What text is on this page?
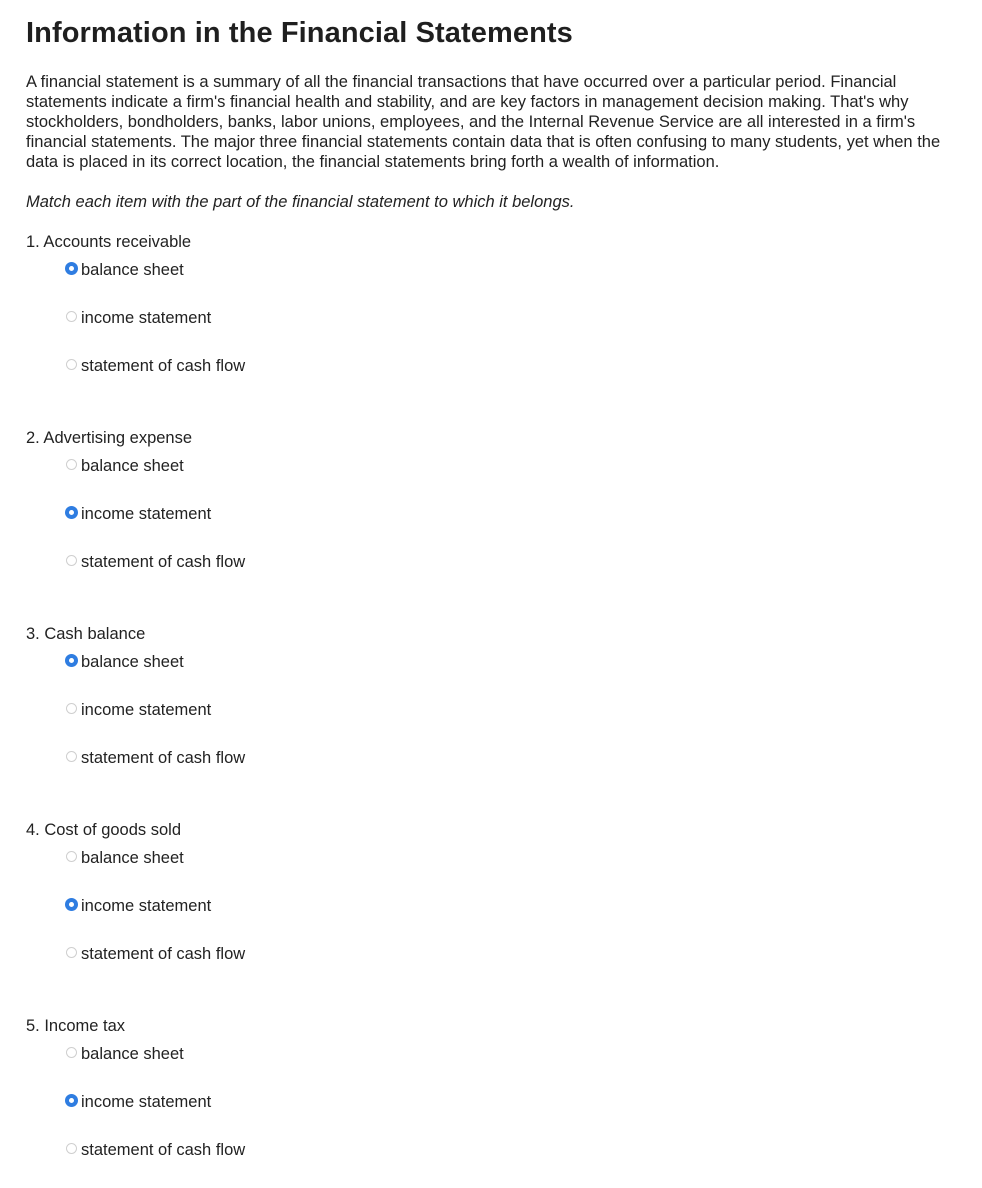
Information in the Financial Statements

A financial statement is a summary of all the financial transactions that have occurred over a particular period. Financial statements indicate a firm's financial health and stability, and are key factors in management decision making. That's why stockholders, bondholders, banks, labor unions, employees, and the Internal Revenue Service are all interested in a firm's financial statements. The major three financial statements contain data that is often confusing to many students, yet when the data is placed in its correct location, the financial statements bring forth a wealth of information.

Match each item with the part of the financial statement to which it belongs.

1. Accounts receivable

balance sheet
income statement
statement of cash flow

2. Advertising expense

balance sheet
income statement
statement of cash flow

3. Cash balance

balance sheet
income statement
statement of cash flow

4. Cost of goods sold

balance sheet
income statement
statement of cash flow

5. Income tax

balance sheet
income statement
statement of cash flow
